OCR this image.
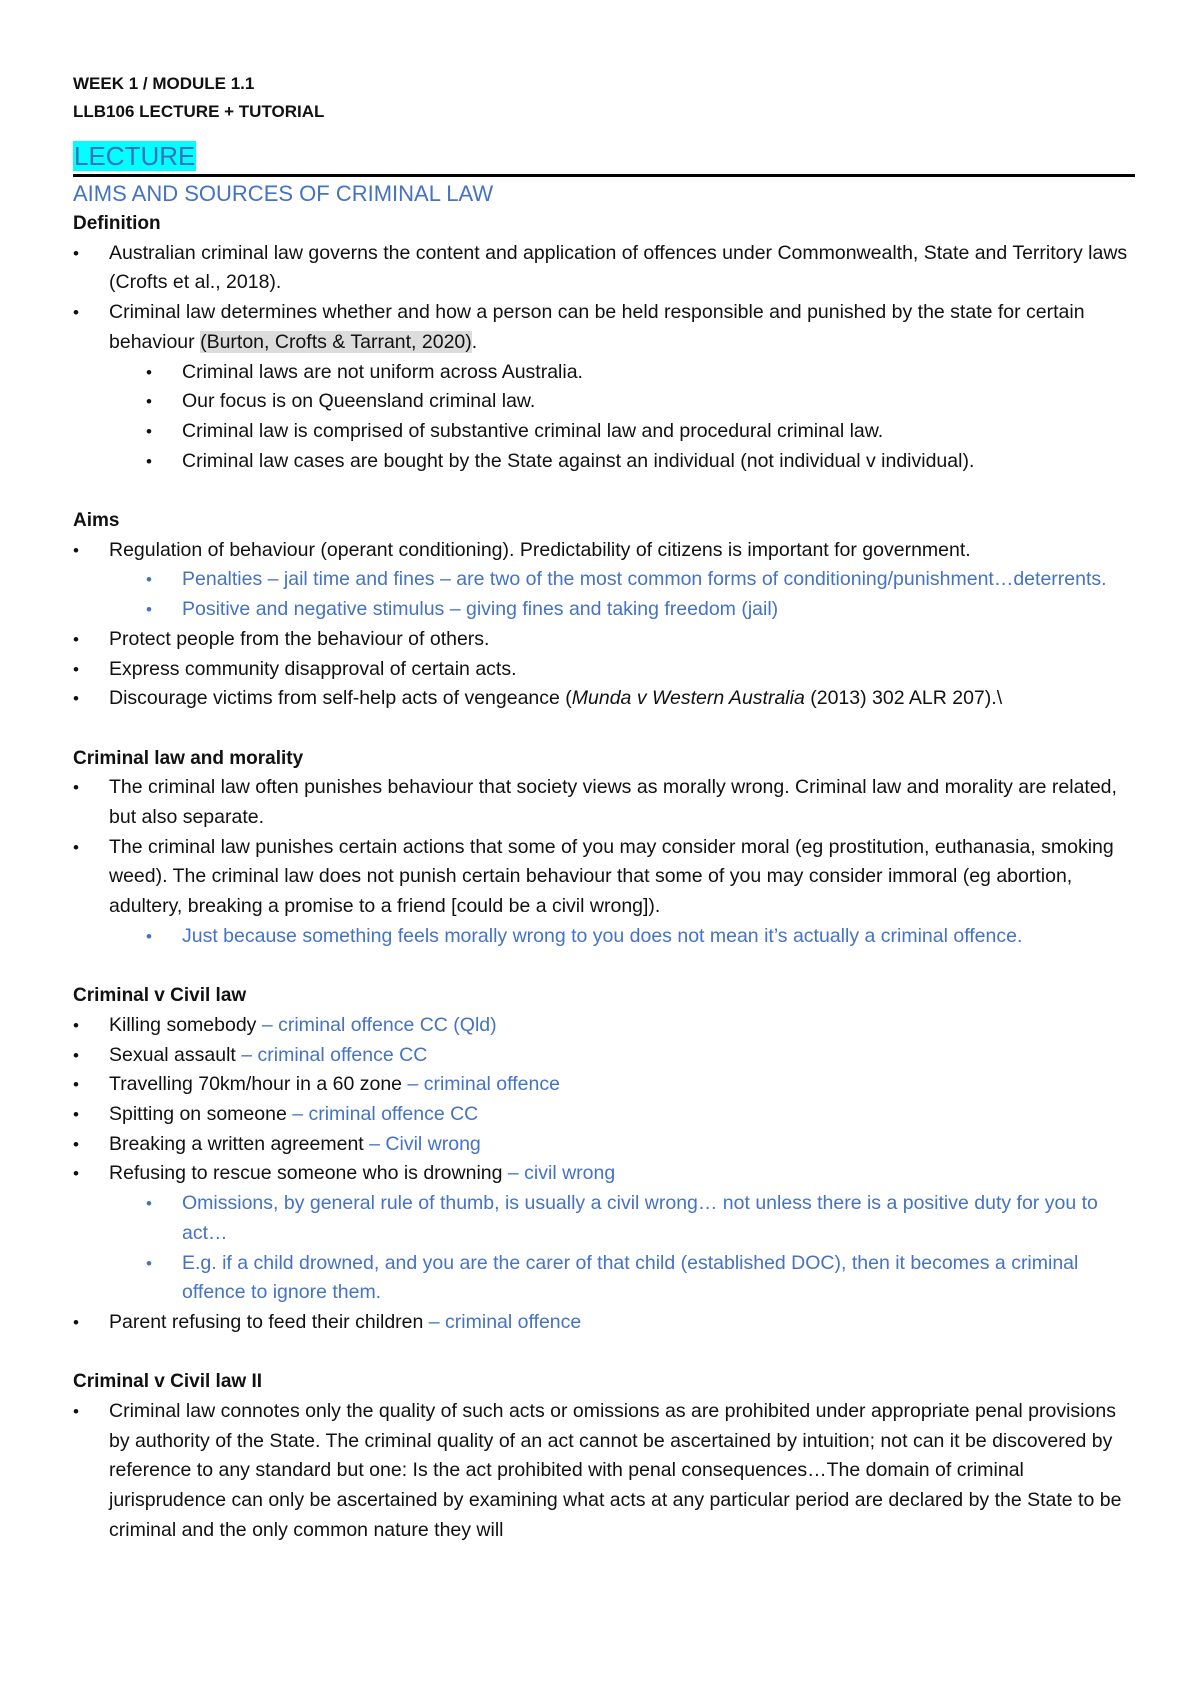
WEEK 1 / MODULE 1.1
LLB106 LECTURE + TUTORIAL
LECTURE
AIMS AND SOURCES OF CRIMINAL LAW
Definition
• Australian criminal law governs the content and application of offences under Commonwealth, State and Territory laws (Crofts et al., 2018).
• Criminal law determines whether and how a person can be held responsible and punished by the state for certain behaviour (Burton, Crofts & Tarrant, 2020).
• Criminal laws are not uniform across Australia.
• Our focus is on Queensland criminal law.
• Criminal law is comprised of substantive criminal law and procedural criminal law.
• Criminal law cases are bought by the State against an individual (not individual v individual).
Aims
• Regulation of behaviour (operant conditioning). Predictability of citizens is important for government.
• Penalties – jail time and fines – are two of the most common forms of conditioning/punishment…deterrents.
• Positive and negative stimulus – giving fines and taking freedom (jail)
• Protect people from the behaviour of others.
• Express community disapproval of certain acts.
• Discourage victims from self-help acts of vengeance (Munda v Western Australia (2013) 302 ALR 207).\
Criminal law and morality
• The criminal law often punishes behaviour that society views as morally wrong. Criminal law and morality are related, but also separate.
• The criminal law punishes certain actions that some of you may consider moral (eg prostitution, euthanasia, smoking weed). The criminal law does not punish certain behaviour that some of you may consider immoral (eg abortion, adultery, breaking a promise to a friend [could be a civil wrong]).
• Just because something feels morally wrong to you does not mean it’s actually a criminal offence.
Criminal v Civil law
• Killing somebody – criminal offence CC (Qld)
• Sexual assault – criminal offence CC
• Travelling 70km/hour in a 60 zone – criminal offence
• Spitting on someone – criminal offence CC
• Breaking a written agreement – Civil wrong
• Refusing to rescue someone who is drowning – civil wrong
• Omissions, by general rule of thumb, is usually a civil wrong… not unless there is a positive duty for you to act…
• E.g. if a child drowned, and you are the carer of that child (established DOC), then it becomes a criminal offence to ignore them.
• Parent refusing to feed their children – criminal offence
Criminal v Civil law II
• Criminal law connotes only the quality of such acts or omissions as are prohibited under appropriate penal provisions by authority of the State. The criminal quality of an act cannot be ascertained by intuition; not can it be discovered by reference to any standard but one: Is the act prohibited with penal consequences…The domain of criminal jurisprudence can only be ascertained by examining what acts at any particular period are declared by the State to be criminal and the only common nature they will
